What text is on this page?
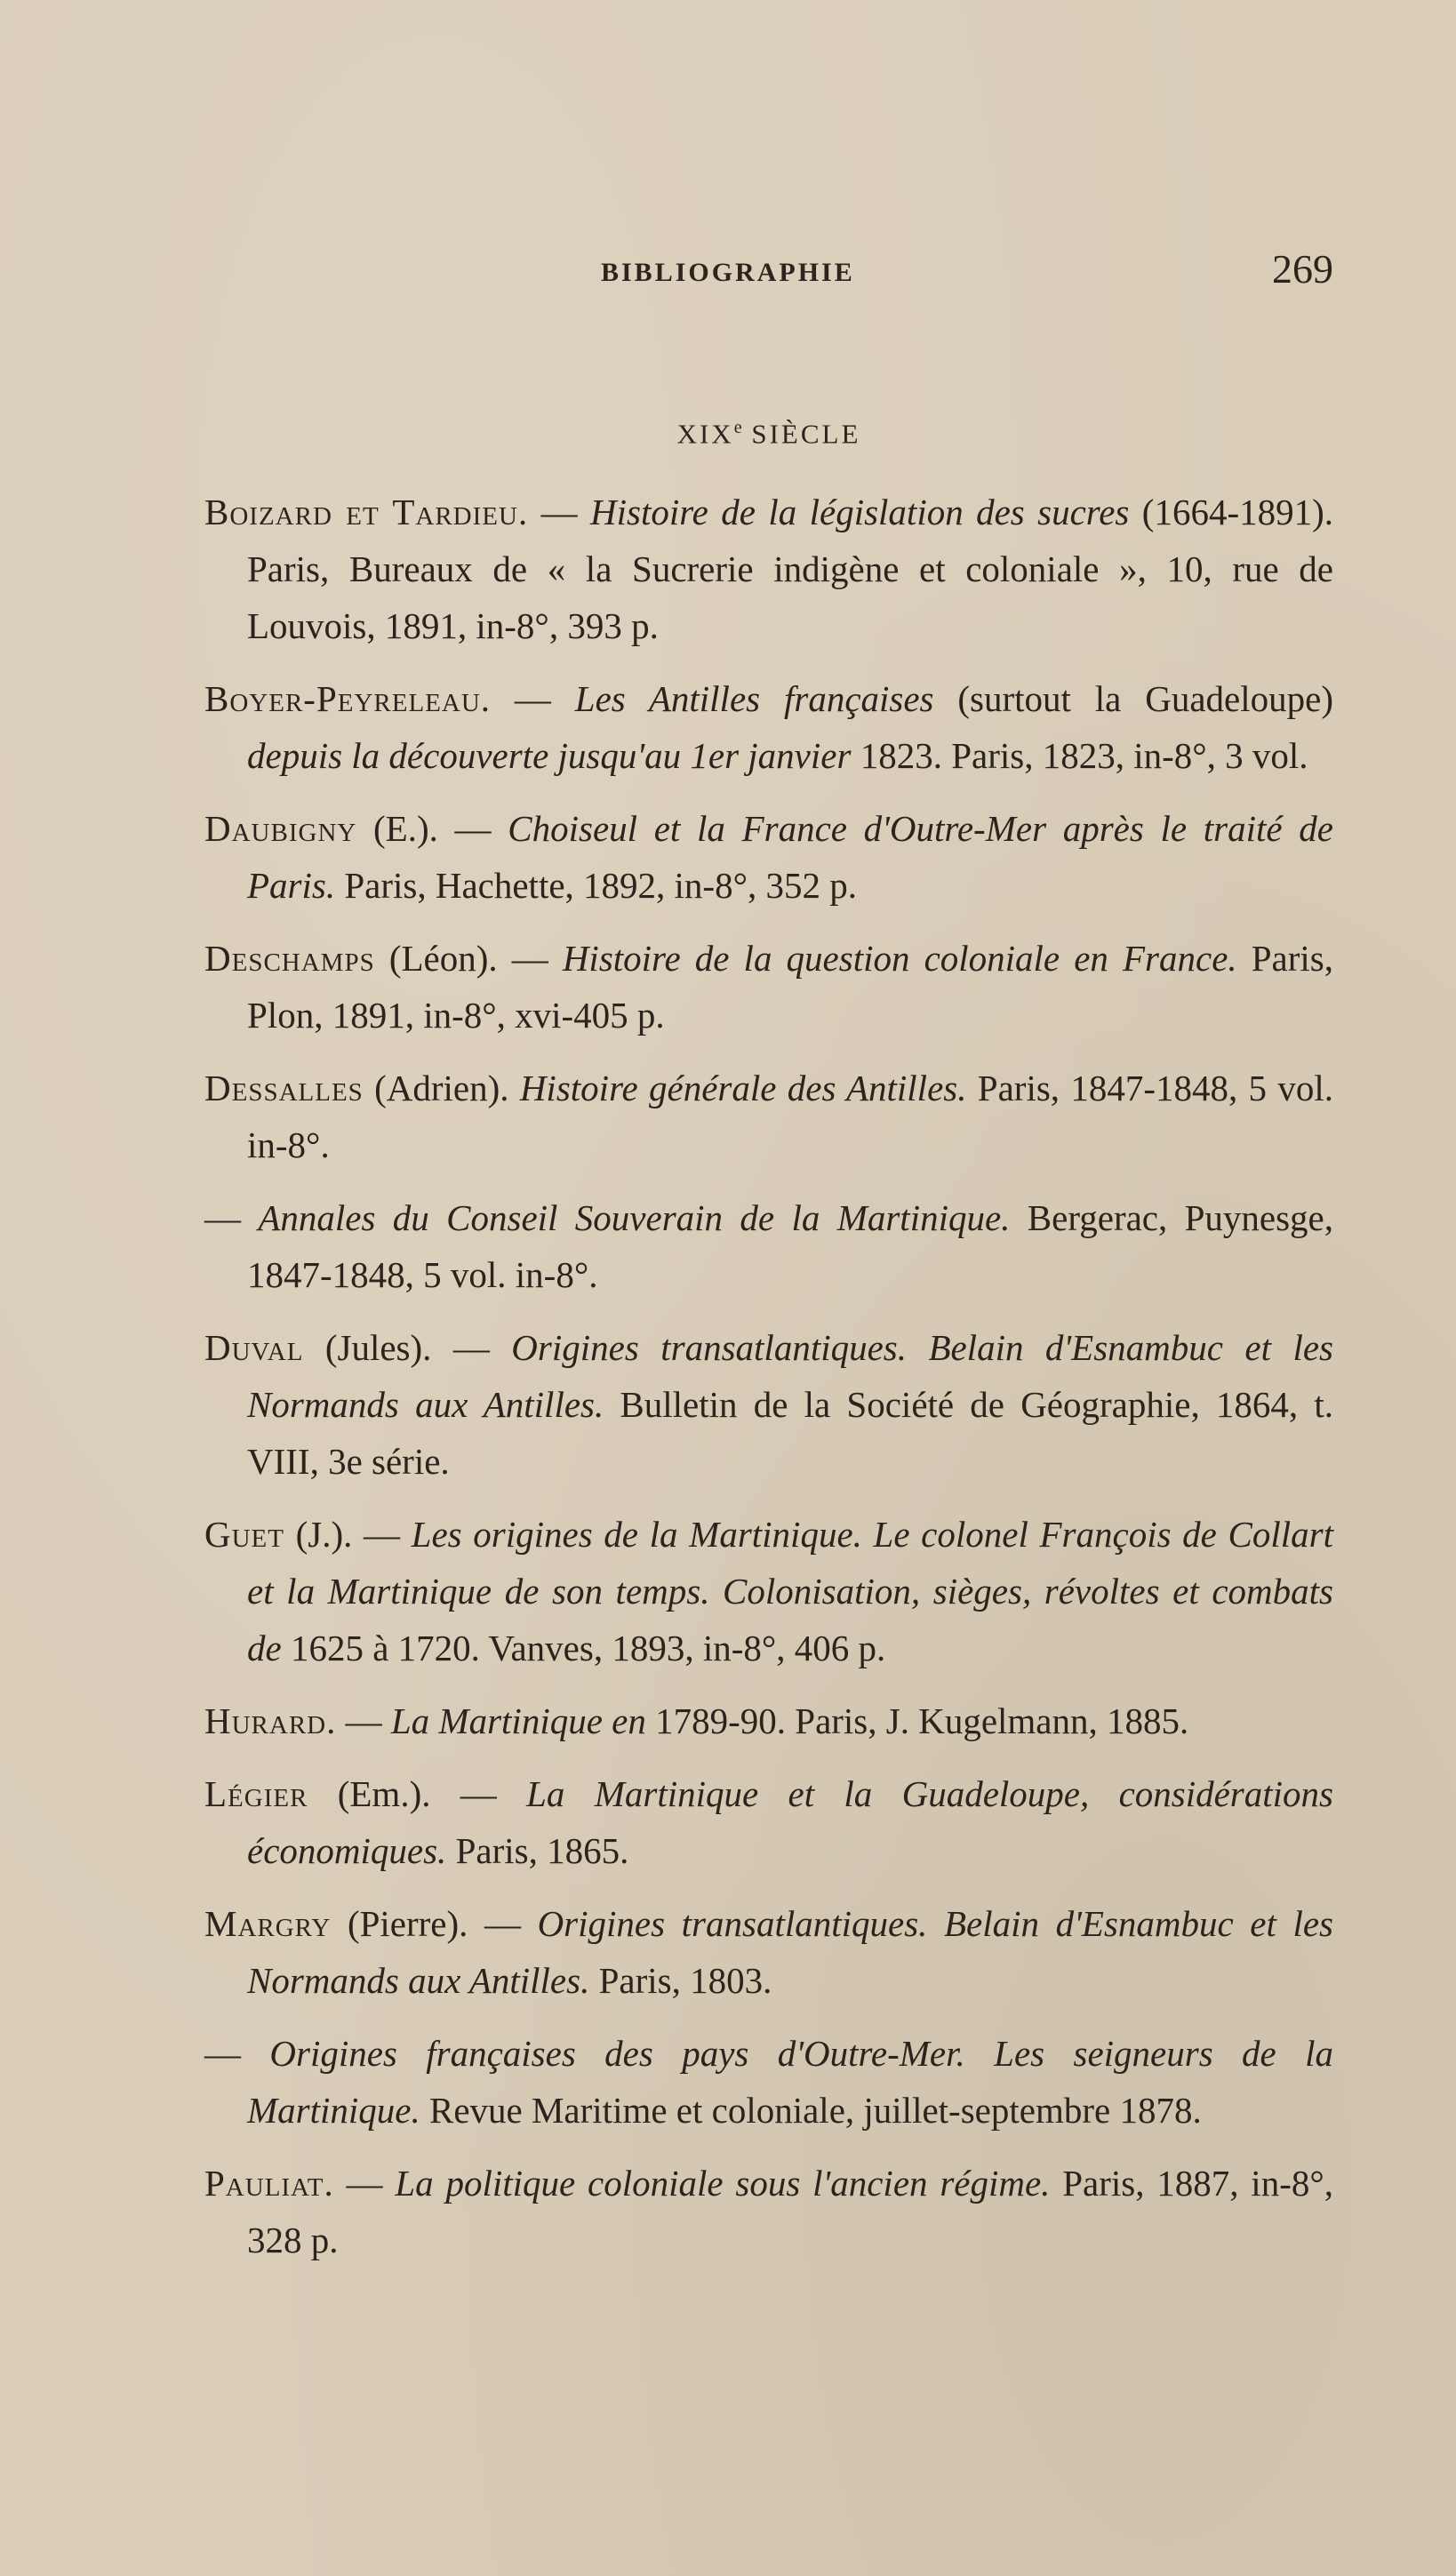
BIBLIOGRAPHIE	269
XIXe SIÈCLE

Boizard et Tardieu. — Histoire de la législation des sucres (1664-1891). Paris, Bureaux de « la Sucrerie indigène et coloniale », 10, rue de Louvois, 1891, in-8°, 393 p.

Boyer-Peyreleau. — Les Antilles françaises (surtout la Guadeloupe) depuis la découverte jusqu'au 1er janvier 1823. Paris, 1823, in-8°, 3 vol.

Daubigny (E.). — Choiseul et la France d'Outre-Mer après le traité de Paris. Paris, Hachette, 1892, in-8°, 352 p.

Deschamps (Léon). — Histoire de la question coloniale en France. Paris, Plon, 1891, in-8°, xvi-405 p.

Dessalles (Adrien). Histoire générale des Antilles. Paris, 1847-1848, 5 vol. in-8°.

— Annales du Conseil Souverain de la Martinique. Bergerac, Puynesge, 1847-1848, 5 vol. in-8°.

Duval (Jules). — Origines transatlantiques. Belain d'Esnambuc et les Normands aux Antilles. Bulletin de la Société de Géographie, 1864, t. VIII, 3e série.

Guet (J.). — Les origines de la Martinique. Le colonel François de Collart et la Martinique de son temps. Colonisation, sièges, révoltes et combats de 1625 à 1720. Vanves, 1893, in-8°, 406 p.

Hurard. — La Martinique en 1789-90. Paris, J. Kugelmann, 1885.

Légier (Em.). — La Martinique et la Guadeloupe, considérations économiques. Paris, 1865.

Margry (Pierre). — Origines transatlantiques. Belain d'Esnambuc et les Normands aux Antilles. Paris, 1803.

— Origines françaises des pays d'Outre-Mer. Les seigneurs de la Martinique. Revue Maritime et coloniale, juillet-septembre 1878.

Pauliat. — La politique coloniale sous l'ancien régime. Paris, 1887, in-8°, 328 p.
